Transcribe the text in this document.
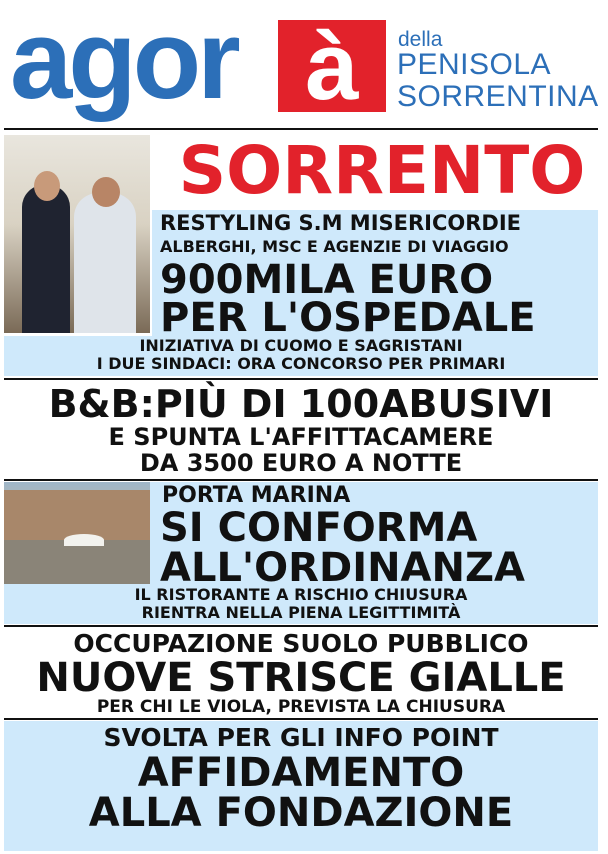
agor à	della
PENISOLA
SORRENTINA
SORRENTO
RESTYLING S.M MISERICORDIE
ALBERGHI, MSC E AGENZIE DI VIAGGIO
900MILA EURO
PER L'OSPEDALE
INIZIATIVA DI CUOMO E SAGRISTANI
I DUE SINDACI: ORA CONCORSO PER PRIMARI
B&B:PIÙ DI 100ABUSIVI
E SPUNTA L'AFFITTACAMERE
DA 3500 EURO A NOTTE
PORTA MARINA
SI CONFORMA
ALL'ORDINANZA
IL RISTORANTE A RISCHIO CHIUSURA
RIENTRA NELLA PIENA LEGITTIMITÀ
OCCUPAZIONE SUOLO PUBBLICO
NUOVE STRISCE GIALLE
PER CHI LE VIOLA, PREVISTA LA CHIUSURA
SVOLTA PER GLI INFO POINT
AFFIDAMENTO
ALLA FONDAZIONE
